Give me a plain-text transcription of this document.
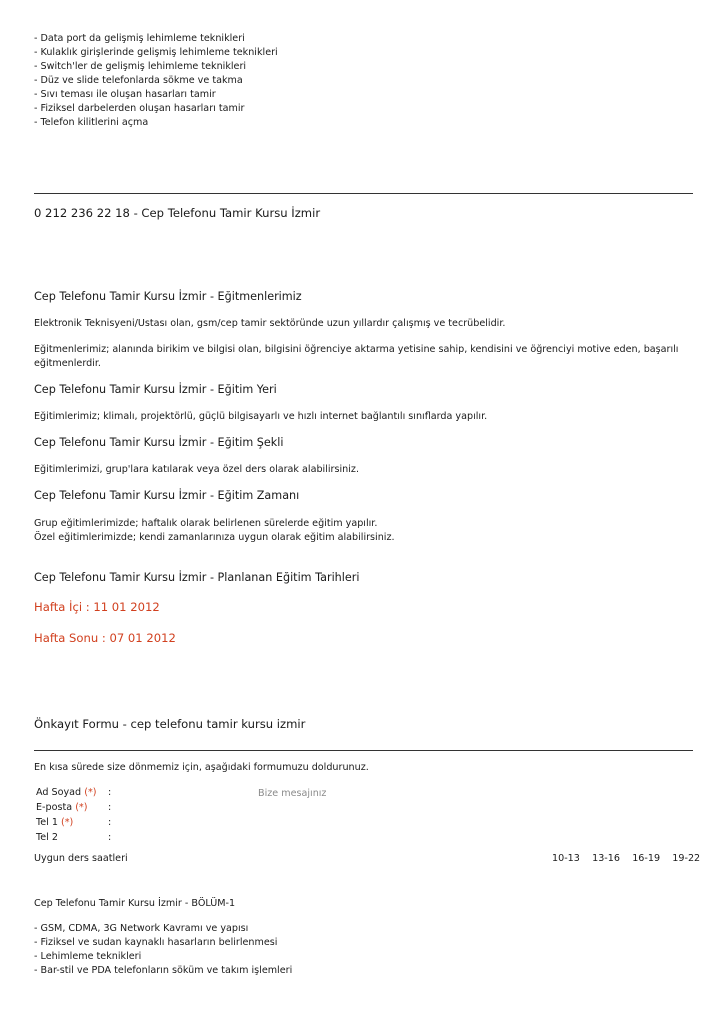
- Data port da gelişmiş lehimleme teknikleri
- Kulaklık girişlerinde gelişmiş lehimleme teknikleri
- Switch'ler de gelişmiş lehimleme teknikleri
- Düz ve slide telefonlarda sökme ve takma
- Sıvı teması ile oluşan hasarları tamir
- Fiziksel darbelerden oluşan hasarları tamir
- Telefon kilitlerini açma
0 212 236 22 18 - Cep Telefonu Tamir Kursu İzmir
Cep Telefonu Tamir Kursu İzmir - Eğitmenlerimiz
Elektronik Teknisyeni/Ustası olan, gsm/cep tamir sektöründe uzun yıllardır çalışmış ve tecrübelidir.
Eğitmenlerimiz; alanında birikim ve bilgisi olan, bilgisini öğrenciye aktarma yetisine sahip, kendisini ve öğrenciyi motive eden, başarılı
eğitmenlerdir.
Cep Telefonu Tamir Kursu İzmir - Eğitim Yeri
Eğitimlerimiz; klimalı, projektörlü, güçlü bilgisayarlı ve hızlı internet bağlantılı sınıflarda yapılır.
Cep Telefonu Tamir Kursu İzmir - Eğitim Şekli
Eğitimlerimizi, grup'lara katılarak veya özel ders olarak alabilirsiniz.
Cep Telefonu Tamir Kursu İzmir - Eğitim Zamanı
Grup eğitimlerimizde; haftalık olarak belirlenen sürelerde eğitim yapılır.
Özel eğitimlerimizde; kendi zamanlarınıza uygun olarak eğitim alabilirsiniz.
Cep Telefonu Tamir Kursu İzmir - Planlanan Eğitim Tarihleri
Hafta İçi : 11 01 2012
Hafta Sonu : 07 01 2012
Önkayıt Formu - cep telefonu tamir kursu izmir
En kısa sürede size dönmemiz için, aşağıdaki formumuzu doldurunuz.
Ad Soyad (*) :	Bize mesajınız
E-posta (*) :
Tel 1 (*)	:
Tel 2	:
Uygun ders saatleri	10-13 13-16 16-19 19-22
Cep Telefonu Tamir Kursu İzmir - BÖLÜM-1
- GSM, CDMA, 3G Network Kavramı ve yapısı
- Fiziksel ve sudan kaynaklı hasarların belirlenmesi
- Lehimleme teknikleri
- Bar-stil ve PDA telefonların söküm ve takım işlemleri
